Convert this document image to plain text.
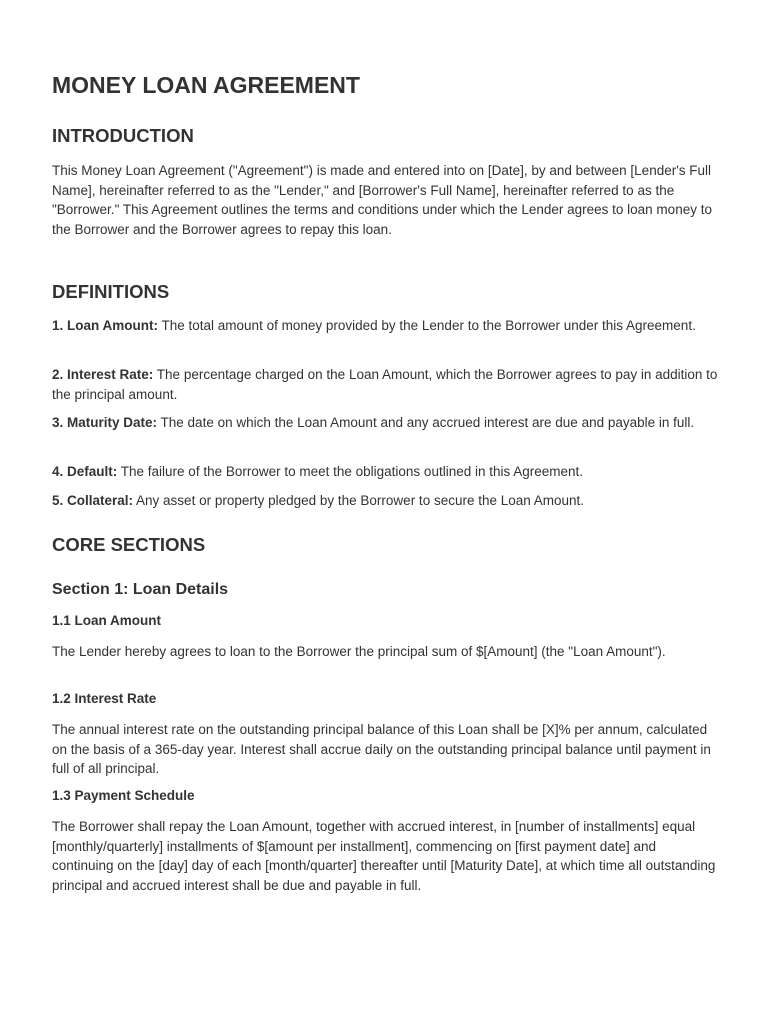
MONEY LOAN AGREEMENT
INTRODUCTION

This Money Loan Agreement ("Agreement") is made and entered into on [Date], by and between [Lender's Full Name], hereinafter referred to as the "Lender," and [Borrower's Full Name], hereinafter referred to as the "Borrower." This Agreement outlines the terms and conditions under which the Lender agrees to loan money to the Borrower and the Borrower agrees to repay this loan.

DEFINITIONS

1. Loan Amount: The total amount of money provided by the Lender to the Borrower under this Agreement.

2. Interest Rate: The percentage charged on the Loan Amount, which the Borrower agrees to pay in addition to the principal amount.

3. Maturity Date: The date on which the Loan Amount and any accrued interest are due and payable in full.

4. Default: The failure of the Borrower to meet the obligations outlined in this Agreement.

5. Collateral: Any asset or property pledged by the Borrower to secure the Loan Amount.

CORE SECTIONS
Section 1: Loan Details
1.1 Loan Amount

The Lender hereby agrees to loan to the Borrower the principal sum of $[Amount] (the "Loan Amount").

1.2 Interest Rate

The annual interest rate on the outstanding principal balance of this Loan shall be [X]% per annum, calculated on the basis of a 365-day year. Interest shall accrue daily on the outstanding principal balance until payment in full of all principal.

1.3 Payment Schedule

The Borrower shall repay the Loan Amount, together with accrued interest, in [number of installments] equal [monthly/quarterly] installments of $[amount per installment], commencing on [first payment date] and continuing on the [day] day of each [month/quarter] thereafter until [Maturity Date], at which time all outstanding principal and accrued interest shall be due and payable in full.
